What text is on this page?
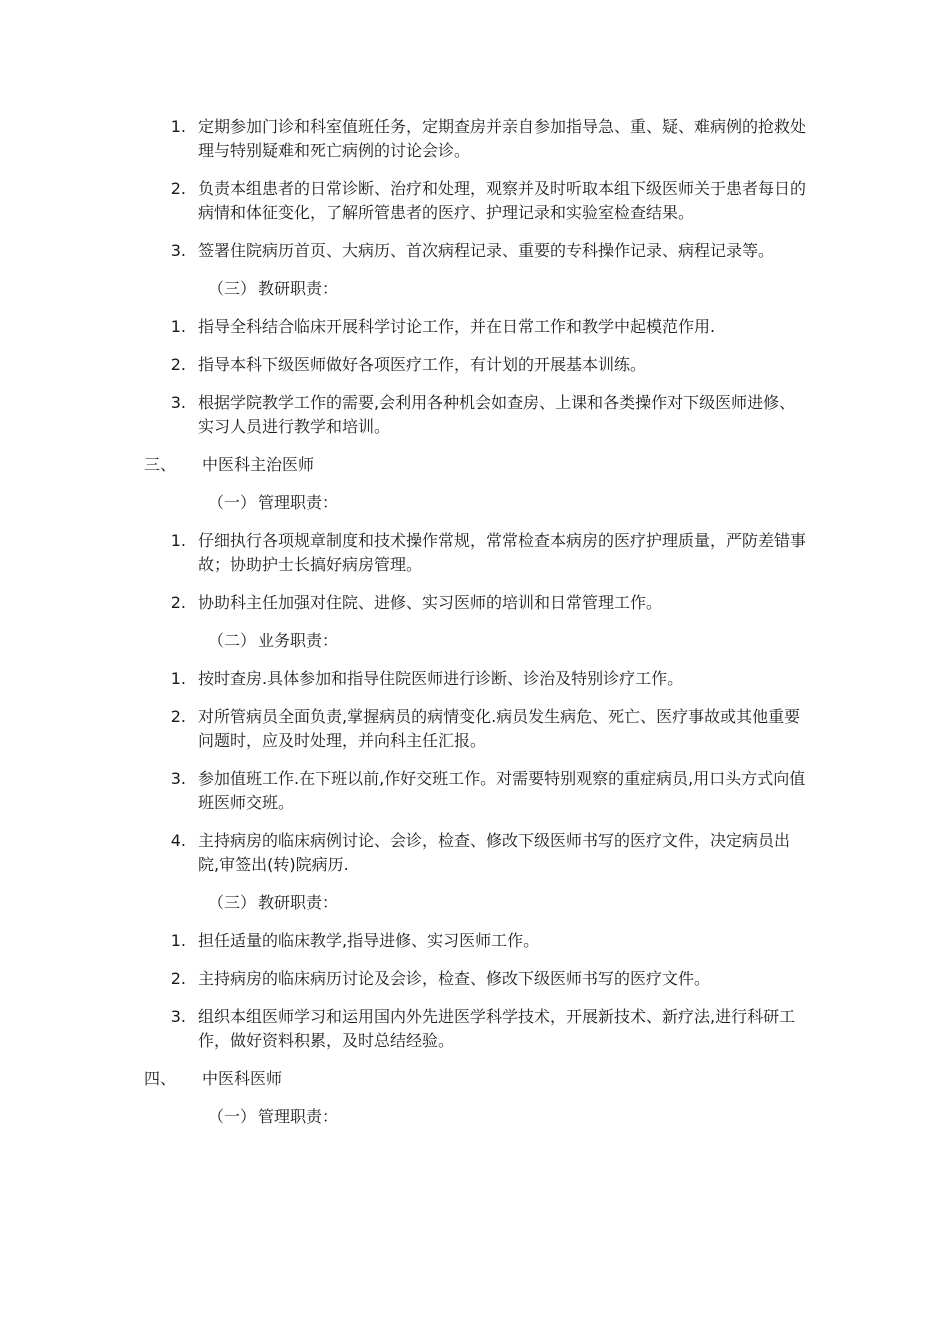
1. 定期参加门诊和科室值班任务，定期查房并亲自参加指导急、重、疑、难病例的抢救处理与特别疑难和死亡病例的讨论会诊。
2. 负责本组患者的日常诊断、治疗和处理，观察并及时听取本组下级医师关于患者每日的病情和体征变化，了解所管患者的医疗、护理记录和实验室检查结果。
3. 签署住院病历首页、大病历、首次病程记录、重要的专科操作记录、病程记录等。
（三） 教研职责：
1. 指导全科结合临床开展科学讨论工作，并在日常工作和教学中起模范作用.
2. 指导本科下级医师做好各项医疗工作，有计划的开展基本训练。
3. 根据学院教学工作的需要,会利用各种机会如查房、上课和各类操作对下级医师进修、实习人员进行教学和培训。
三、	中医科主治医师
（一） 管理职责：
1. 仔细执行各项规章制度和技术操作常规，常常检查本病房的医疗护理质量，严防差错事故；协助护士长搞好病房管理。
2. 协助科主任加强对住院、进修、实习医师的培训和日常管理工作。
（二） 业务职责：
1. 按时查房.具体参加和指导住院医师进行诊断、诊治及特别诊疗工作。
2. 对所管病员全面负责,掌握病员的病情变化.病员发生病危、死亡、医疗事故或其他重要问题时，应及时处理，并向科主任汇报。
3. 参加值班工作.在下班以前,作好交班工作。对需要特别观察的重症病员,用口头方式向值班医师交班。
4. 主持病房的临床病例讨论、会诊，检查、修改下级医师书写的医疗文件，决定病员出院,审签出(转)院病历.
（三） 教研职责：
1. 担任适量的临床教学,指导进修、实习医师工作。
2. 主持病房的临床病历讨论及会诊，检查、修改下级医师书写的医疗文件。
3. 组织本组医师学习和运用国内外先进医学科学技术，开展新技术、新疗法,进行科研工作，做好资料积累，及时总结经验。
四、	中医科医师
（一） 管理职责：
